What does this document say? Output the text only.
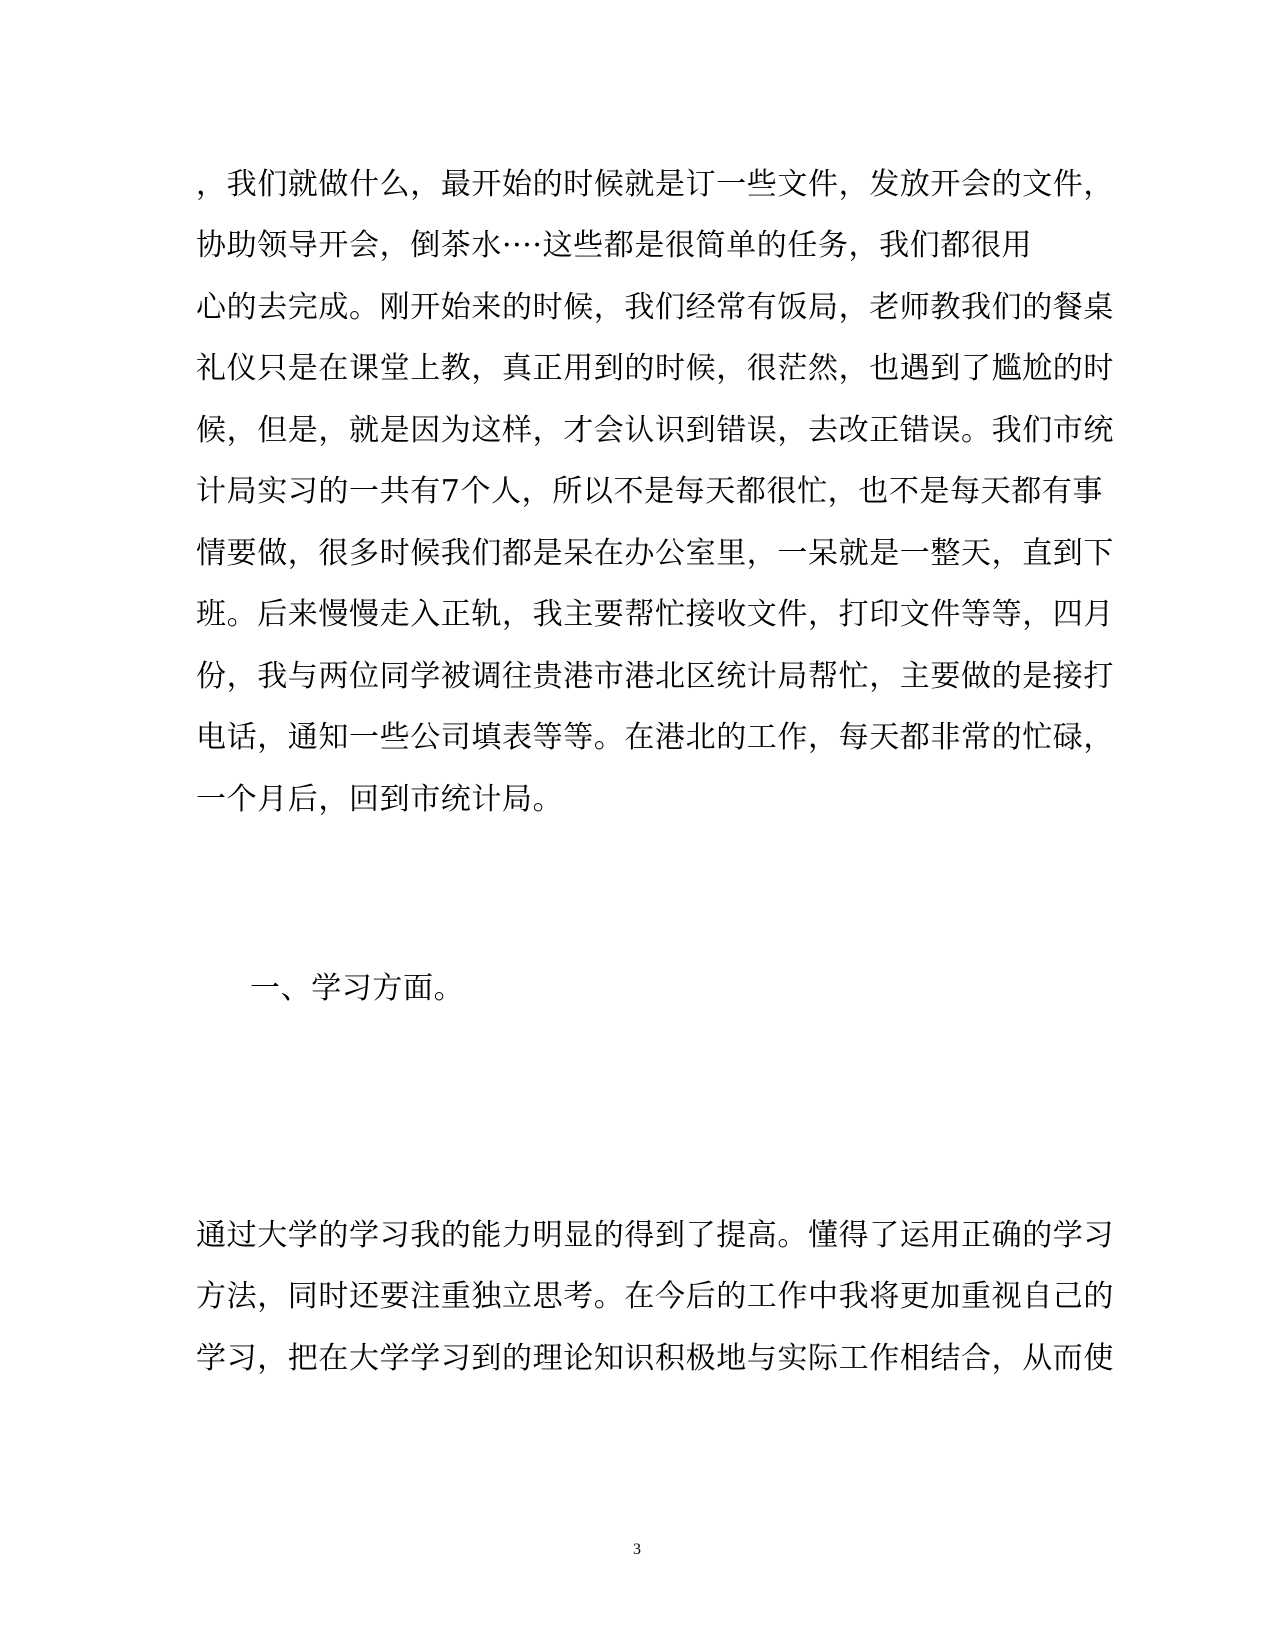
，我们就做什么，最开始的时候就是订一些文件，发放开会的文件，
协助领导开会，倒茶水····这些都是很简单的任务，我们都很用
心的去完成。刚开始来的时候，我们经常有饭局，老师教我们的餐桌
礼仪只是在课堂上教，真正用到的时候，很茫然，也遇到了尴尬的时
候，但是，就是因为这样，才会认识到错误，去改正错误。我们市统
计局实习的一共有7个人，所以不是每天都很忙，也不是每天都有事
情要做，很多时候我们都是呆在办公室里，一呆就是一整天，直到下
班。后来慢慢走入正轨，我主要帮忙接收文件，打印文件等等，四月
份，我与两位同学被调往贵港市港北区统计局帮忙，主要做的是接打
电话，通知一些公司填表等等。在港北的工作，每天都非常的忙碌，
一个月后，回到市统计局。
一、学习方面。
通过大学的学习我的能力明显的得到了提高。懂得了运用正确的学习
方法，同时还要注重独立思考。在今后的工作中我将更加重视自己的
学习，把在大学学习到的理论知识积极地与实际工作相结合，从而使
3
